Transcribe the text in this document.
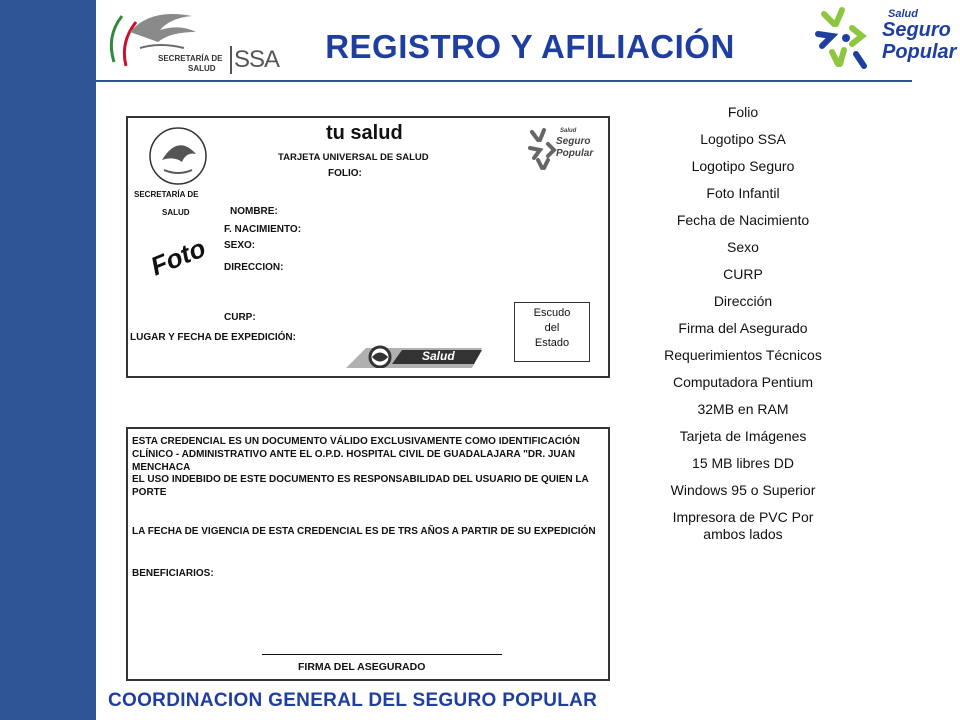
SECRETARÍA DE
SALUD SSA	REGISTRO Y AFILIACIÓN
Salud
Seguro
Popular
SECRETARÍA DE
SALUD
tu salud
TARJETA UNIVERSAL DE SALUD
FOLIO:
Salud
Seguro
Popular
Foto
NOMBRE:
F. NACIMIENTO:
SEXO:
DIRECCION:
CURP:
LUGAR Y FECHA DE EXPEDICIÓN:
Escudo
del
Estado
Salud
ESTA CREDENCIAL ES UN DOCUMENTO VÁLIDO EXCLUSIVAMENTE COMO IDENTIFICACIÓN CLÍNICO - ADMINISTRATIVO ANTE EL O.P.D. HOSPITAL CIVIL DE GUADALAJARA "DR. JUAN MENCHACA
EL USO INDEBIDO DE ESTE DOCUMENTO ES RESPONSABILIDAD DEL USUARIO DE QUIEN LA PORTE
LA FECHA DE VIGENCIA DE ESTA CREDENCIAL ES DE TRS AÑOS A PARTIR DE SU EXPEDICIÓN
BENEFICIARIOS:
FIRMA DEL ASEGURADO
Folio
Logotipo SSA
Logotipo Seguro
Foto Infantil
Fecha de Nacimiento
Sexo
CURP
Dirección
Firma del Asegurado
Requerimientos Técnicos
Computadora Pentium
32MB en RAM
Tarjeta de Imágenes
15 MB libres DD
Windows 95 o Superior
Impresora de PVC Por ambos lados
COORDINACION GENERAL DEL SEGURO POPULAR
